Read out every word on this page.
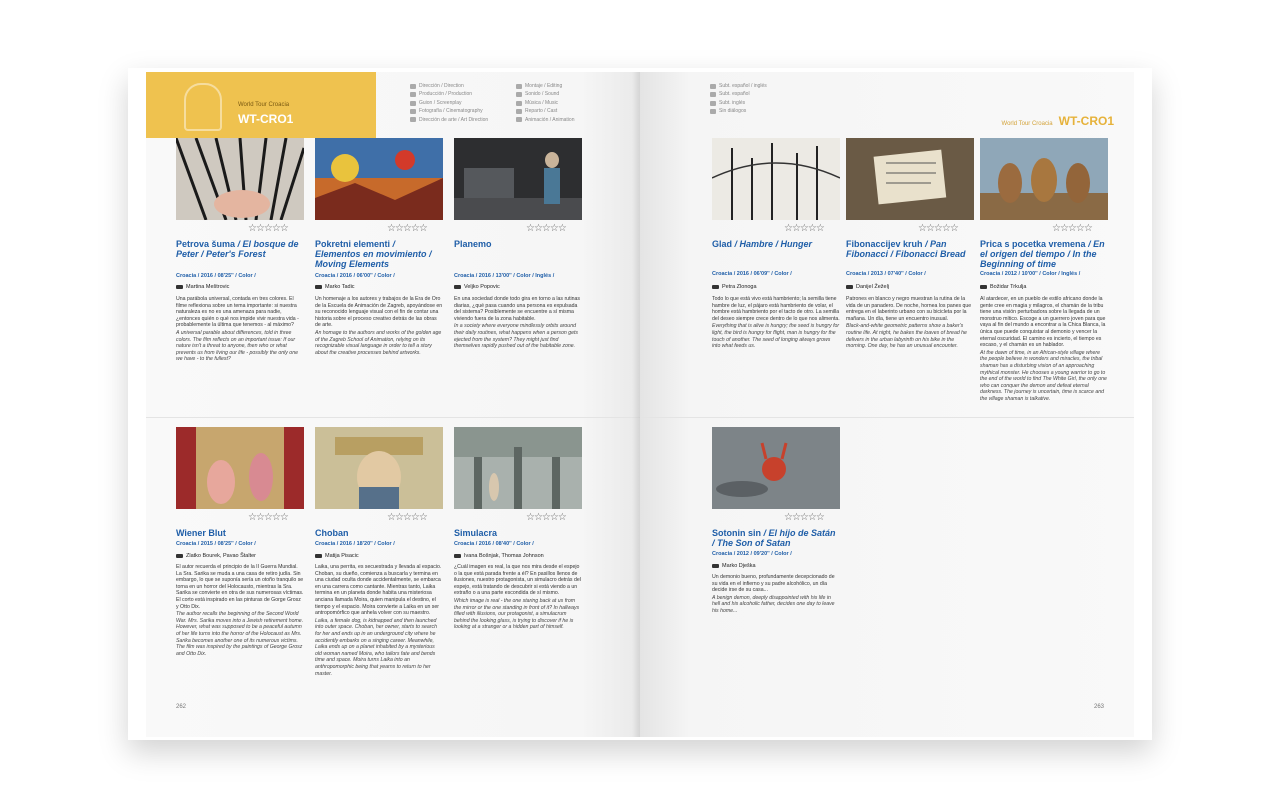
World Tour Croacia
WT-CRO1
Dirección / Direction
Producción / Production
Guion / Screenplay
Fotografía / Cinematography
Dirección de arte / Art Direction
Montaje / Editing
Sonido / Sound
Música / Music
Reparto / Cast
Animación / Animation
☆☆☆☆☆
Petrova šuma / El bosque de Peter / Peter's Forest
Croacia / 2016 / 08'25'' / Color /
Martina Meštrovic
Una parábola universal, contada en tres colores. El filme reflexiona sobre un tema importante: si nuestra naturaleza es no es una amenaza para nadie, ¿entonces quién o qué nos impide vivir nuestra vida - probablemente la última que tenemos - al máximo?
A universal parable about differences, told in three colors. The film reflects on an important issue: If our nature isn't a threat to anyone, then who or what prevents us from living our life - possibly the only one we have - to the fullest?
☆☆☆☆☆
Pokretni elementi / Elementos en movimiento / Moving Elements
Croacia / 2016 / 06'00'' / Color /
Marko Tadic
Un homenaje a los autores y trabajos de la Era de Oro de la Escuela de Animación de Zagreb, apoyándose en su reconocido lenguaje visual con el fin de contar una historia sobre el proceso creativo detrás de las obras de arte.
An homage to the authors and works of the golden age of the Zagreb School of Animation, relying on its recognizable visual language in order to tell a story about the creative processes behind artworks.
☆☆☆☆☆
Planemo
Croacia / 2016 / 13'00'' / Color / Inglés /
Veljko Popovic
En una sociedad donde todo gira en torno a las rutinas diarias, ¿qué pasa cuando una persona es expulsada del sistema? Posiblemente se encuentre a sí misma viviendo fuera de la zona habitable.
In a society where everyone mindlessly orbits around their daily routines, what happens when a person gets ejected from the system? They might just find themselves rapidly pushed out of the habitable zone.
☆☆☆☆☆
Wiener Blut
Croacia / 2015 / 08'25'' / Color /
Zlatko Bourek, Pavao Štalter
El autor recuerda el principio de la II Guerra Mundial. La Sra. Sarika se muda a una casa de retiro judía. Sin embargo, lo que se suponía sería un otoño tranquilo se torna en un horror del Holocausto, mientras la Sra. Sarika se convierte en otra de sus numerosas víctimas. El corto está inspirado en las pinturas de Gorge Grosz y Otto Dix.
The author recalls the beginning of the Second World War. Mrs. Sarika moves into a Jewish retirement home. However, what was supposed to be a peaceful autumn of her life turns into the horror of the Holocaust as Mrs. Sarika becomes another one of its numerous victims. The film was inspired by the paintings of George Grosz and Otto Dix.
☆☆☆☆☆
Choban
Croacia / 2016 / 18'20'' / Color /
Matija Pisacic
Laika, una perrita, es secuestrada y llevada al espacio. Choban, su dueño, comienza a buscarla y termina en una ciudad oculta donde accidentalmente, se embarca en una carrera como cantante. Mientras tanto, Laika termina en un planeta donde habita una misteriosa anciana llamada Moira, quien manipula el destino, el tiempo y el espacio. Moira convierte a Laika en un ser antropomórfico que anhela volver con su maestro.
Laika, a female dog, is kidnapped and then launched into outer space. Choban, her owner, starts to search for her and ends up in an underground city where he accidently embarks on a singing career. Meanwhile, Laika ends up on a planet inhabited by a mysterious old woman named Moira, who tailors fate and bends time and space. Moira turns Laika into an anthropomorphic being that yearns to return to her master.
☆☆☆☆☆
Simulacra
Croacia / 2016 / 08'40'' / Color /
Ivana Bošnjak, Thomas Johnson
¿Cuál imagen es real, la que nos mira desde el espejo o la que está parada frente a él? En pasillos llenos de ilusiones, nuestro protagonista, un simulacro detrás del espejo, está tratando de descubrir si está viendo a un extraño o a una parte escondida de sí mismo.
Which image is real - the one staring back at us from the mirror or the one standing in front of it? In hallways filled with illusions, our protagonist, a simulacrum behind the looking glass, is trying to discover if he is looking at a stranger or a hidden part of himself.
262
Subt. español / inglés
Subt. español
Subt. inglés
Sin diálogos
World Tour Croacia WT-CRO1
☆☆☆☆☆
Glad / Hambre / Hunger
Croacia / 2016 / 06'09'' / Color /
Petra Zlonoga
Todo lo que está vivo está hambriento; la semilla tiene hambre de luz, el pájaro está hambriento de volar, el hombre está hambriento por el tacto de otro. La semilla del deseo siempre crece dentro de lo que nos alimenta.
Everything that is alive is hungry; the seed is hungry for light, the bird is hungry for flight, man is hungry for the touch of another. The seed of longing always grows into what feeds us.
☆☆☆☆☆
Fibonaccijev kruh / Pan Fibonacci / Fibonacci Bread
Croacia / 2013 / 07'40'' / Color /
Danijel Žeželj
Patrones en blanco y negro muestran la rutina de la vida de un panadero. De noche, hornea los panes que entrega en el laberinto urbano con su bicicleta por la mañana. Un día, tiene un encuentro inusual.
Black-and-white geometric patterns show a baker's routine life. At night, he bakes the loaves of bread he delivers in the urban labyrinth on his bike in the morning. One day, he has an unusual encounter.
☆☆☆☆☆
Prica s pocetka vremena / En el origen del tiempo / In the Beginning of time
Croacia / 2012 / 10'00'' / Color / Inglés /
Božidar Trkulja
Al atardecer, en un pueblo de estilo africano donde la gente cree en magia y milagros, el chamán de la tribu tiene una visión perturbadora sobre la llegada de un monstruo mítico. Escoge a un guerrero joven para que vaya al fin del mundo a encontrar a la Chica Blanca, la única que puede conquistar al demonio y vencer la eternal oscuridad. El camino es incierto, el tiempo es escaso, y el chamán es un hablador.
At the dawn of time, in an African-style village where the people believe in wonders and miracles, the tribal shaman has a disturbing vision of an approaching mythical monster. He chooses a young warrior to go to the end of the world to find The White Girl, the only one who can conquer the demon and defeat eternal darkness. The journey is uncertain, time is scarce and the village shaman is talkative.
☆☆☆☆☆
Sotonin sin / El hijo de Satán / The Son of Satan
Croacia / 2012 / 09'20'' / Color /
Marko Dješka
Un demonio bueno, profundamente decepcionado de su vida en el infierno y su padre alcohólico, un día decide irse de su casa...
A benign demon, deeply disappointed with his life in hell and his alcoholic father, decides one day to leave his home...
263
